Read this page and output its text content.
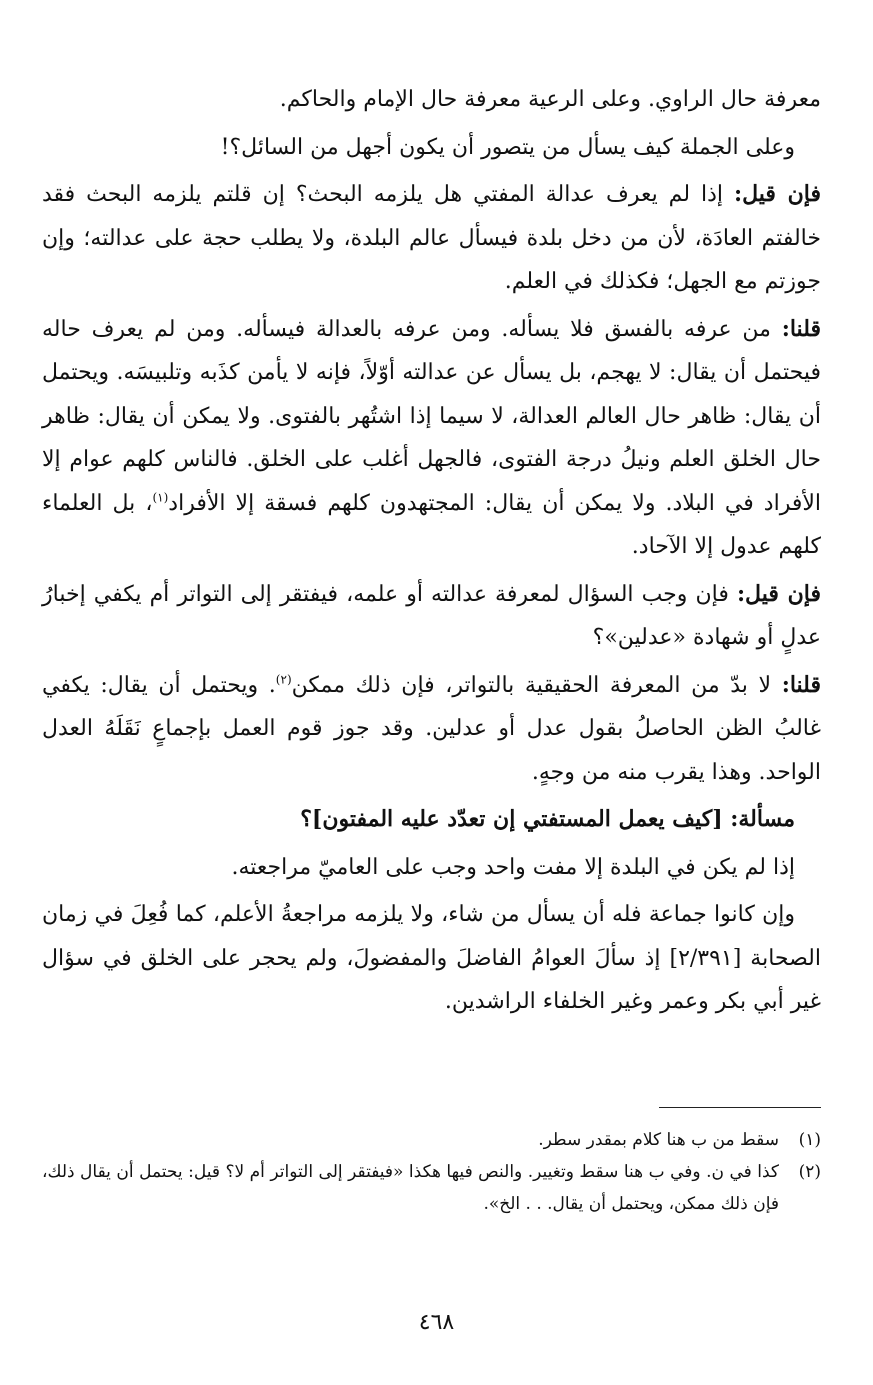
معرفة حال الراوي. وعلى الرعية معرفة حال الإمام والحاكم.

وعلى الجملة كيف يسأل من يتصور أن يكون أجهل من السائل؟!

فإن قيل: إذا لم يعرف عدالة المفتي هل يلزمه البحث؟ إن قلتم يلزمه البحث فقد خالفتم العادَة، لأن من دخل بلدة فيسأل عالم البلدة، ولا يطلب حجة على عدالته؛ وإن جوزتم مع الجهل؛ فكذلك في العلم.

قلنا: من عرفه بالفسق فلا يسأله. ومن عرفه بالعدالة فيسأله. ومن لم يعرف حاله فيحتمل أن يقال: لا يهجم، بل يسأل عن عدالته أوّلاً، فإنه لا يأمن كذَبه وتلبيسَه. ويحتمل أن يقال: ظاهر حال العالم العدالة، لا سيما إذا اشتُهر بالفتوى. ولا يمكن أن يقال: ظاهر حال الخلق العلم ونيلُ درجة الفتوى، فالجهل أغلب على الخلق. فالناس كلهم عوام إلا الأفراد في البلاد. ولا يمكن أن يقال: المجتهدون كلهم فسقة إلا الأفراد$^{(١)}$، بل العلماء كلهم عدول إلا الآحاد.

فإن قيل: فإن وجب السؤال لمعرفة عدالته أو علمه، فيفتقر إلى التواتر أم يكفي إخبارُ عدلٍ أو شهادة «عدلين»؟

قلنا: لا بدّ من المعرفة الحقيقية بالتواتر، فإن ذلك ممكن$^{(٢)}$. ويحتمل أن يقال: يكفي غالبُ الظن الحاصلُ بقول عدل أو عدلين. وقد جوز قوم العمل بإجماعٍ نَقَلَهُ العدل الواحد. وهذا يقرب منه من وجهٍ.

مسألة: [كيف يعمل المستفتي إن تعدّد عليه المفتون]؟

إذا لم يكن في البلدة إلا مفت واحد وجب على العاميّ مراجعته.

وإن كانوا جماعة فله أن يسأل من شاء، ولا يلزمه مراجعةُ الأعلم، كما فُعِلَ في زمان الصحابة [٢/٣٩١] إذ سألَ العوامُ الفاضلَ والمفضولَ، ولم يحجر على الخلق في سؤال غير أبي بكر وعمر وغير الخلفاء الراشدين.

(١)
سقط من ب هنا كلام بمقدر سطر.
(٢)
كذا في ن. وفي ب هنا سقط وتغيير. والنص فيها هكذا «فيفتقر إلى التواتر أم لا؟ قيل: يحتمل أن يقال ذلك، فإن ذلك ممكن، ويحتمل أن يقال. . . الخ».
٤٦٨
